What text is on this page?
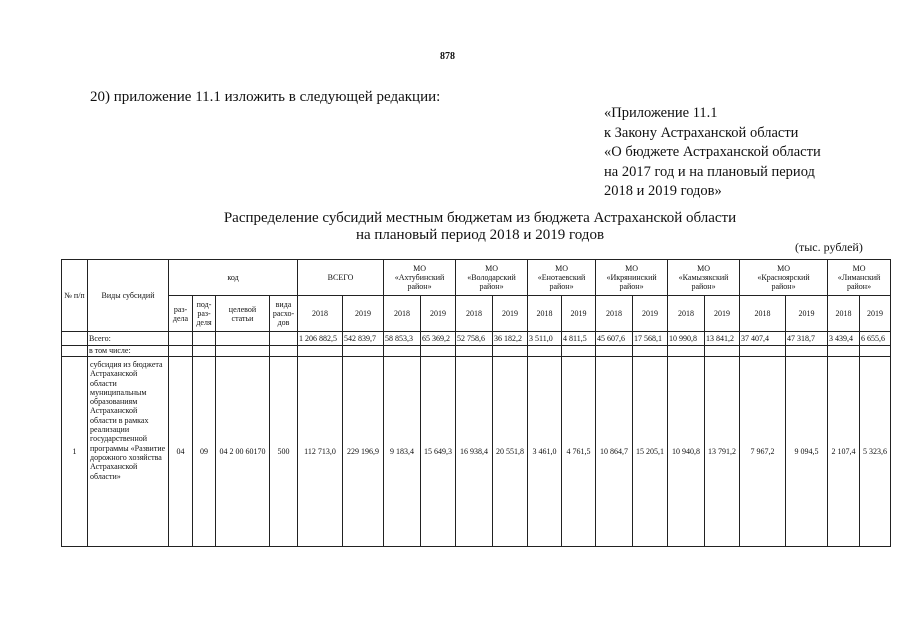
878
20) приложение 11.1 изложить в следующей редакции:
«Приложение 11.1
к Закону Астраханской области
«О бюджете Астраханской области
на 2017 год и на плановый период
2018 и 2019 годов»
Распределение субсидий местным бюджетам из бюджета Астраханской области
на плановый период 2018 и 2019 годов
(тыс. рублей)
№ п/п	Виды субсидий	код				ВСЕГО		МО
«Ахтубинский
район»		МО
«Володарский
район»		МО
«Енотаевский
район»		МО
«Икрянинский
район»		МО
«Камызякский
район»		МО
«Красноярский
район»		МО
«Лиманский
район»	
		раз-
дела	под-
раз-
деля	целевой
статьи	вида
расхо-
дов	2018	2019	2018	2019	2018	2019	2018	2019	2018	2019	2018	2019	2018	2019	2018	2019
	Всего:					1 206 882,5	542 839,7	58 853,3	65 369,2	52 758,6	36 182,2	3 511,0	4 811,5	45 607,6	17 568,1	10 990,8	13 841,2	37 407,4	47 318,7	3 439,4	6 655,6
	в том числе:																				
1	субсидия из бюджета Астраханской области муниципальным образованиям Астраханской области в рамках реализации государственной программы «Развитие дорожного хозяйства Астраханской области»	04	09	04 2 00 60170	500	112 713,0	229 196,9	9 183,4	15 649,3	16 938,4	20 551,8	3 461,0	4 761,5	10 864,7	15 205,1	10 940,8	13 791,2	7 967,2	9 094,5	2 107,4	5 323,6
